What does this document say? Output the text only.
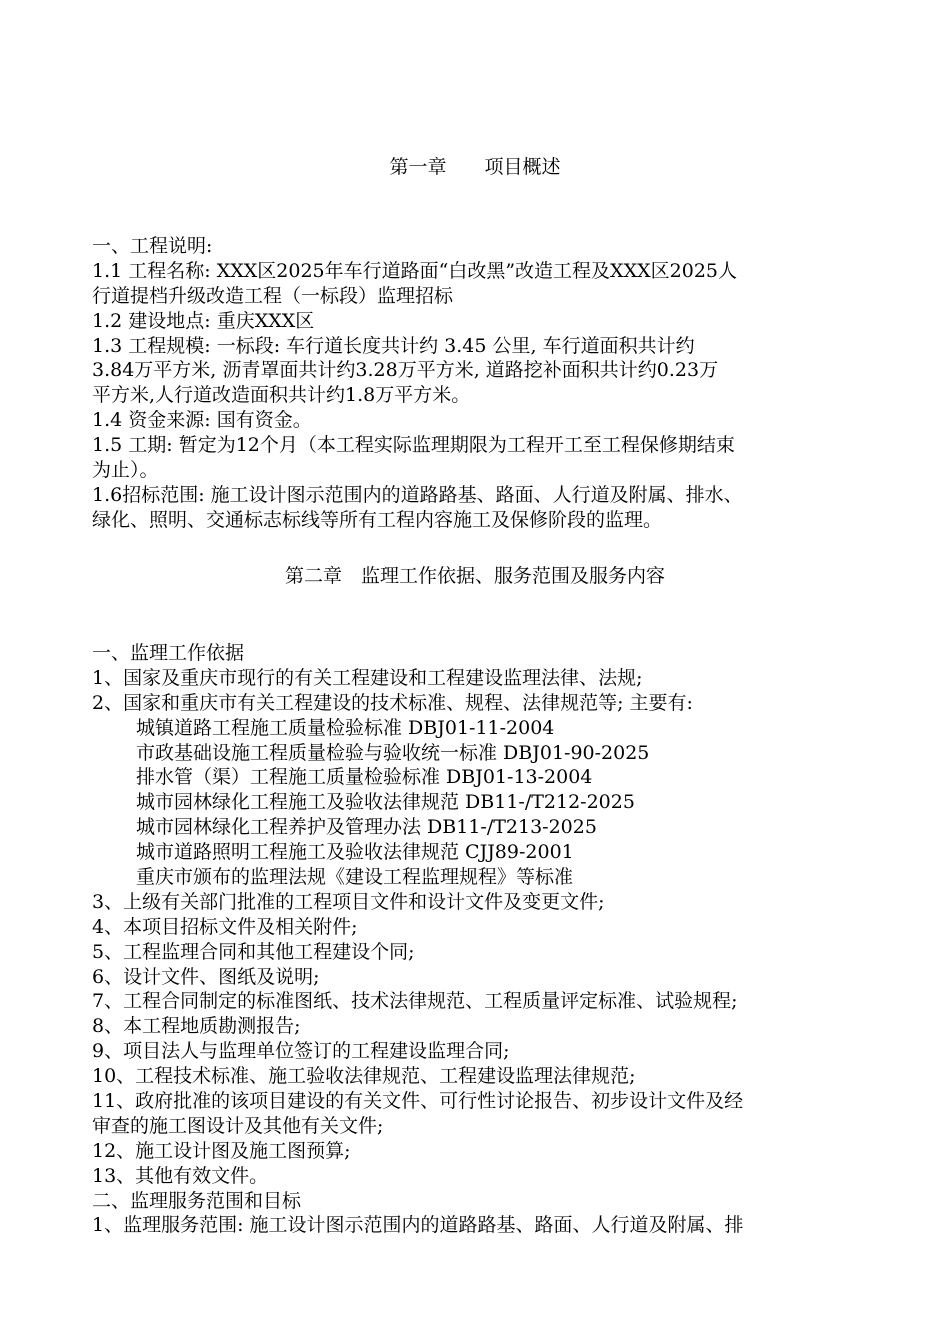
第一章　　项目概述
一、工程说明:
1.1 工程名称: XXX区2025年车行道路面“白改黑”改造工程及XXX区2025人
行道提档升级改造工程（一标段）监理招标
1.2 建设地点: 重庆XXX区
1.3 工程规模: 一标段: 车行道长度共计约 3.45 公里, 车行道面积共计约
3.84万平方米, 沥青罩面共计约3.28万平方米, 道路挖补面积共计约0.23万
平方米,人行道改造面积共计约1.8万平方米。
1.4 资金来源: 国有资金。
1.5 工期: 暂定为12个月（本工程实际监理期限为工程开工至工程保修期结束
为止）。
1.6招标范围: 施工设计图示范围内的道路路基、路面、人行道及附属、排水、
绿化、照明、交通标志标线等所有工程内容施工及保修阶段的监理。
第二章　监理工作依据、服务范围及服务内容
一、监理工作依据
1、国家及重庆市现行的有关工程建设和工程建设监理法律、法规;
2、国家和重庆市有关工程建设的技术标准、规程、法律规范等; 主要有:
城镇道路工程施工质量检验标准 DBJ01-11-2004
市政基础设施工程质量检验与验收统一标准 DBJ01-90-2025
排水管（渠）工程施工质量检验标准 DBJ01-13-2004
城市园林绿化工程施工及验收法律规范 DB11-/T212-2025
城市园林绿化工程养护及管理办法 DB11-/T213-2025
城市道路照明工程施工及验收法律规范 CJJ89-2001
重庆市颁布的监理法规《建设工程监理规程》等标准
3、上级有关部门批准的工程项目文件和设计文件及变更文件;
4、本项目招标文件及相关附件;
5、工程监理合同和其他工程建设个同;
6、设计文件、图纸及说明;
7、工程合同制定的标准图纸、技术法律规范、工程质量评定标准、试验规程;
8、本工程地质勘测报告;
9、项目法人与监理单位签订的工程建设监理合同;
10、工程技术标准、施工验收法律规范、工程建设监理法律规范;
11、政府批准的该项目建设的有关文件、可行性讨论报告、初步设计文件及经
审查的施工图设计及其他有关文件;
12、施工设计图及施工图预算;
13、其他有效文件。
二、监理服务范围和目标
1、监理服务范围: 施工设计图示范围内的道路路基、路面、人行道及附属、排
